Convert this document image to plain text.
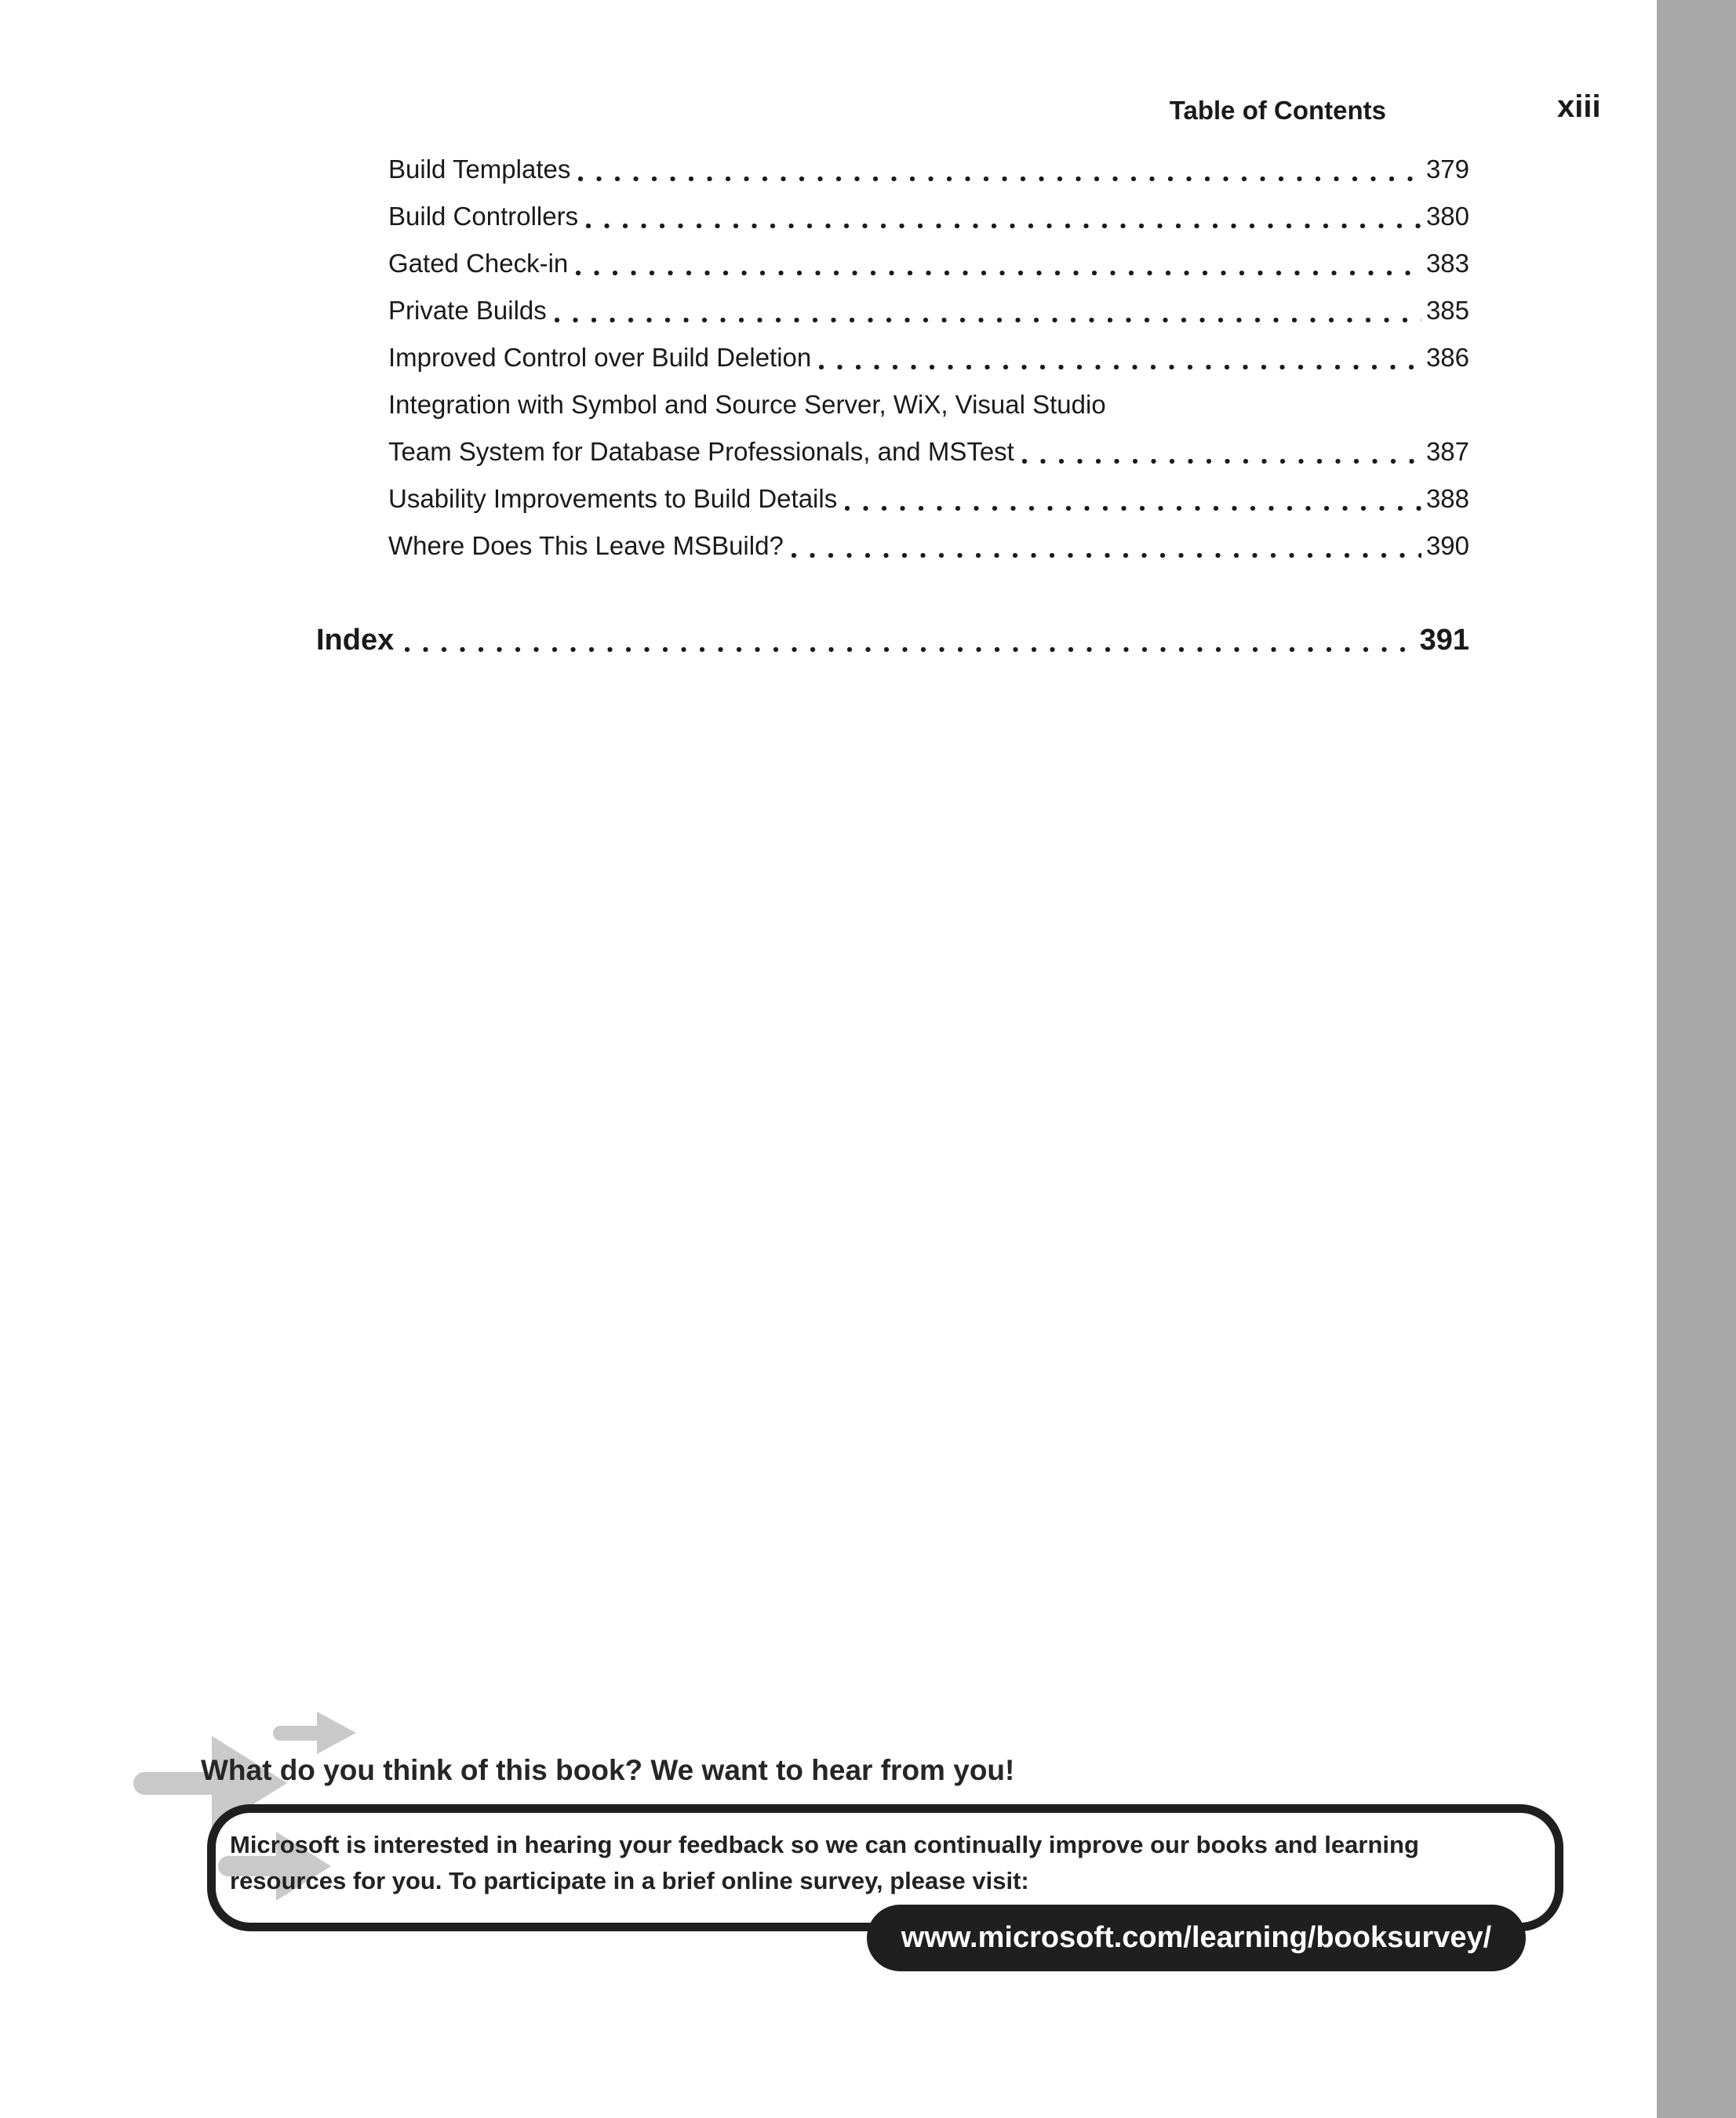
Table of Contents	xiii
Build Templates	379
Build Controllers	380
Gated Check-in	383
Private Builds	385
Improved Control over Build Deletion	386
Integration with Symbol and Source Server, WiX, Visual Studio
Team System for Database Professionals, and MSTest	387
Usability Improvements to Build Details	388
Where Does This Leave MSBuild?	390
Index	391
What do you think of this book? We want to hear from you!
Microsoft is interested in hearing your feedback so we can continually improve our books and learning
resources for you. To participate in a brief online survey, please visit:
www.microsoft.com/learning/booksurvey/
